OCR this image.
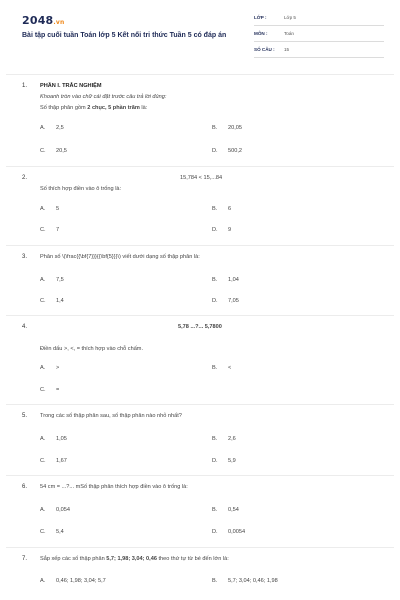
2048.vn
Bài tập cuối tuần Toán lớp 5 Kết nối tri thức Tuần 5 có đáp án
LỚP :	Lớp 5
MÔN :	Toán
SỐ CÂU : 15
1. PHẦN I. TRẮC NGHIỆM
Khoanh tròn vào chữ cái đặt trước câu trả lời đúng:
Số thập phân gồm 2 chục, 5 phần trăm là:
A. 2,5	B. 20,05
C. 20,5	D. 500,2
2.	15,784 < 15,...84
Số thích hợp điền vào ô trống là:
A. 5	B. 6
C. 7	D. 9
3. Phân số \(\frac{{\bf{7}}}{{\bf{5}}}\) viết dưới dạng số thập phân là:
A. 7,5	B. 1,04
C. 1,4	D. 7,05
4.	5,78 ...?... 5,7800
Điền dấu >, <, = thích hợp vào chỗ chấm.
A. >	B. <
C. =
5. Trong các số thập phân sau, số thập phân nào nhỏ nhất?
A. 1,05	B. 2,6
C. 1,67	D. 5,9
6. 54 cm = ...?... mSố thập phân thích hợp điền vào ô trống là:
A. 0,054	B. 0,54
C. 5,4	D. 0,0054
7. Sắp xếp các số thập phân 5,7; 1,98; 3,04; 0,46 theo thứ tự từ bé đến lớn là:
A. 0,46; 1,98; 3,04; 5,7	B. 5,7; 3,04; 0,46; 1,98
